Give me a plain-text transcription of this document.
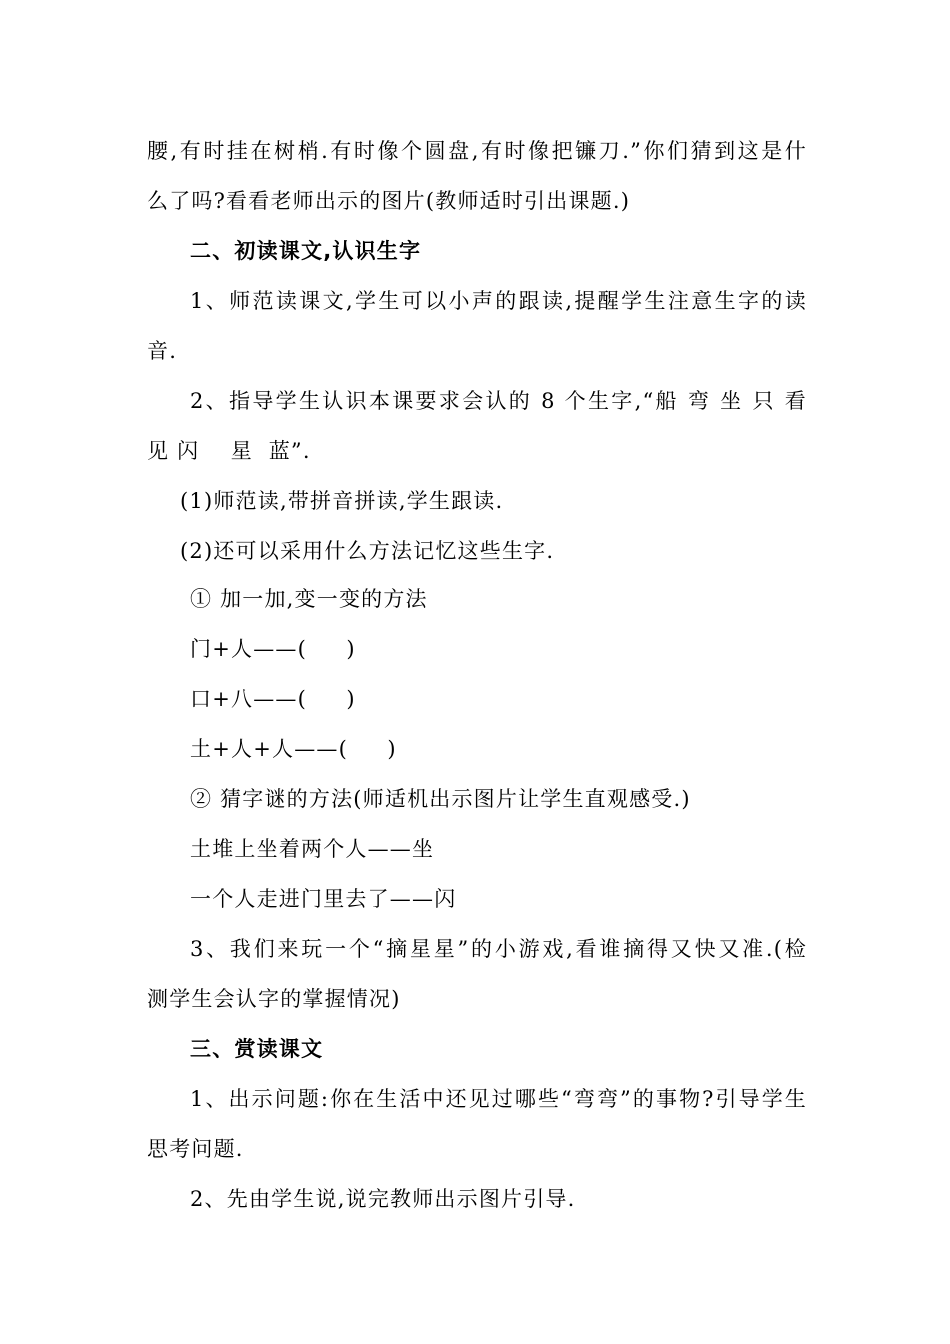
腰,有时挂在树梢.有时像个圆盘,有时像把镰刀.”你们猜到这是什
么了吗?看看老师出示的图片(教师适时引出课题.)
二、初读课文,认识生字
1、师范读课文,学生可以小声的跟读,提醒学生注意生字的读
音.
2、指导学生认识本课要求会认的 8 个生字,“船 弯 坐 只 看
见 闪    星  蓝”.
(1)师范读,带拼音拼读,学生跟读.
(2)还可以采用什么方法记忆这些生字.
① 加一加,变一变的方法
门+人——(     )
口+八——(     )
土+人+人——(     )
② 猜字谜的方法(师适机出示图片让学生直观感受.)
土堆上坐着两个人——坐
一个人走进门里去了——闪
3、我们来玩一个“摘星星”的小游戏,看谁摘得又快又准.(检
测学生会认字的掌握情况)
三、赏读课文
1、出示问题:你在生活中还见过哪些“弯弯”的事物?引导学生
思考问题.
2、先由学生说,说完教师出示图片引导.
